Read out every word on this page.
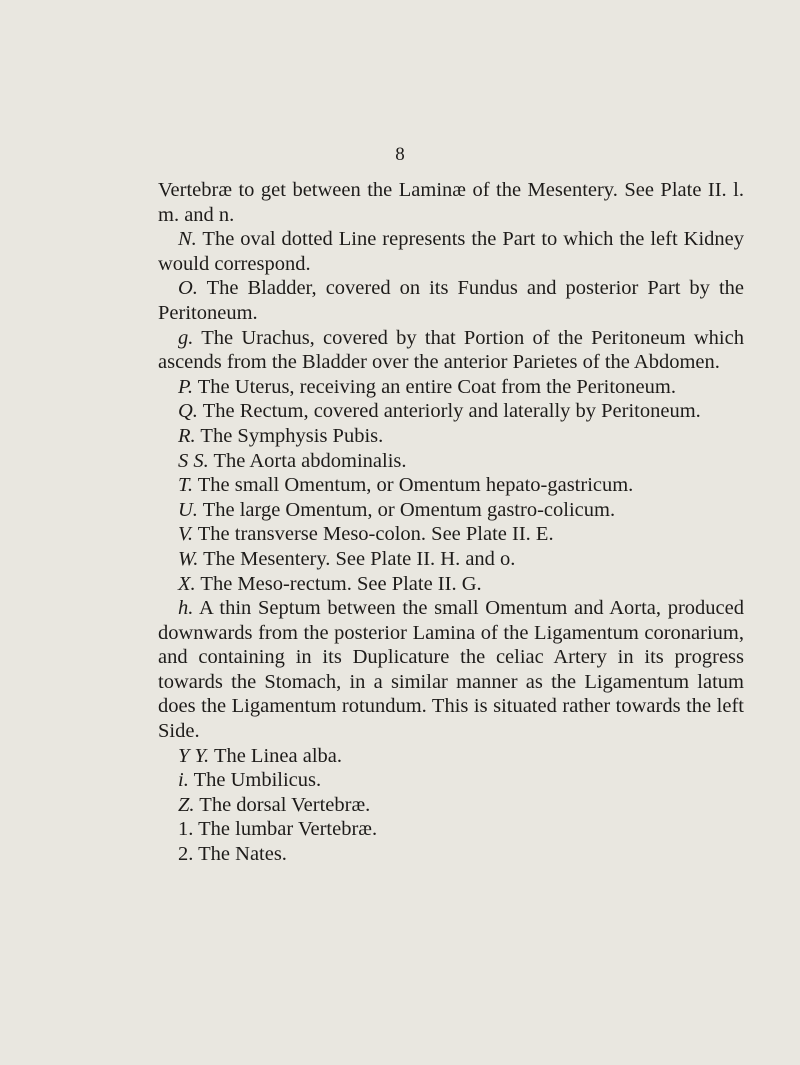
8

Vertebræ to get between the Laminæ of the Mesentery. See Plate II. l. m. and n.

N. The oval dotted Line represents the Part to which the left Kidney would correspond.

O. The Bladder, covered on its Fundus and posterior Part by the Peritoneum.

g. The Urachus, covered by that Portion of the Peritoneum which ascends from the Bladder over the anterior Parietes of the Abdomen.

P. The Uterus, receiving an entire Coat from the Peritoneum.

Q. The Rectum, covered anteriorly and laterally by Peritoneum.

R. The Symphysis Pubis.

S S. The Aorta abdominalis.

T. The small Omentum, or Omentum hepato-gastricum.

U. The large Omentum, or Omentum gastro-colicum.

V. The transverse Meso-colon. See Plate II. E.

W. The Mesentery. See Plate II. H. and o.

X. The Meso-rectum. See Plate II. G.

h. A thin Septum between the small Omentum and Aorta, produced downwards from the posterior Lamina of the Ligamentum coronarium, and containing in its Duplicature the celiac Artery in its progress towards the Stomach, in a similar manner as the Ligamentum latum does the Ligamentum rotundum. This is situated rather towards the left Side.

Y Y. The Linea alba.

i. The Umbilicus.

Z. The dorsal Vertebræ.

1. The lumbar Vertebræ.

2. The Nates.
